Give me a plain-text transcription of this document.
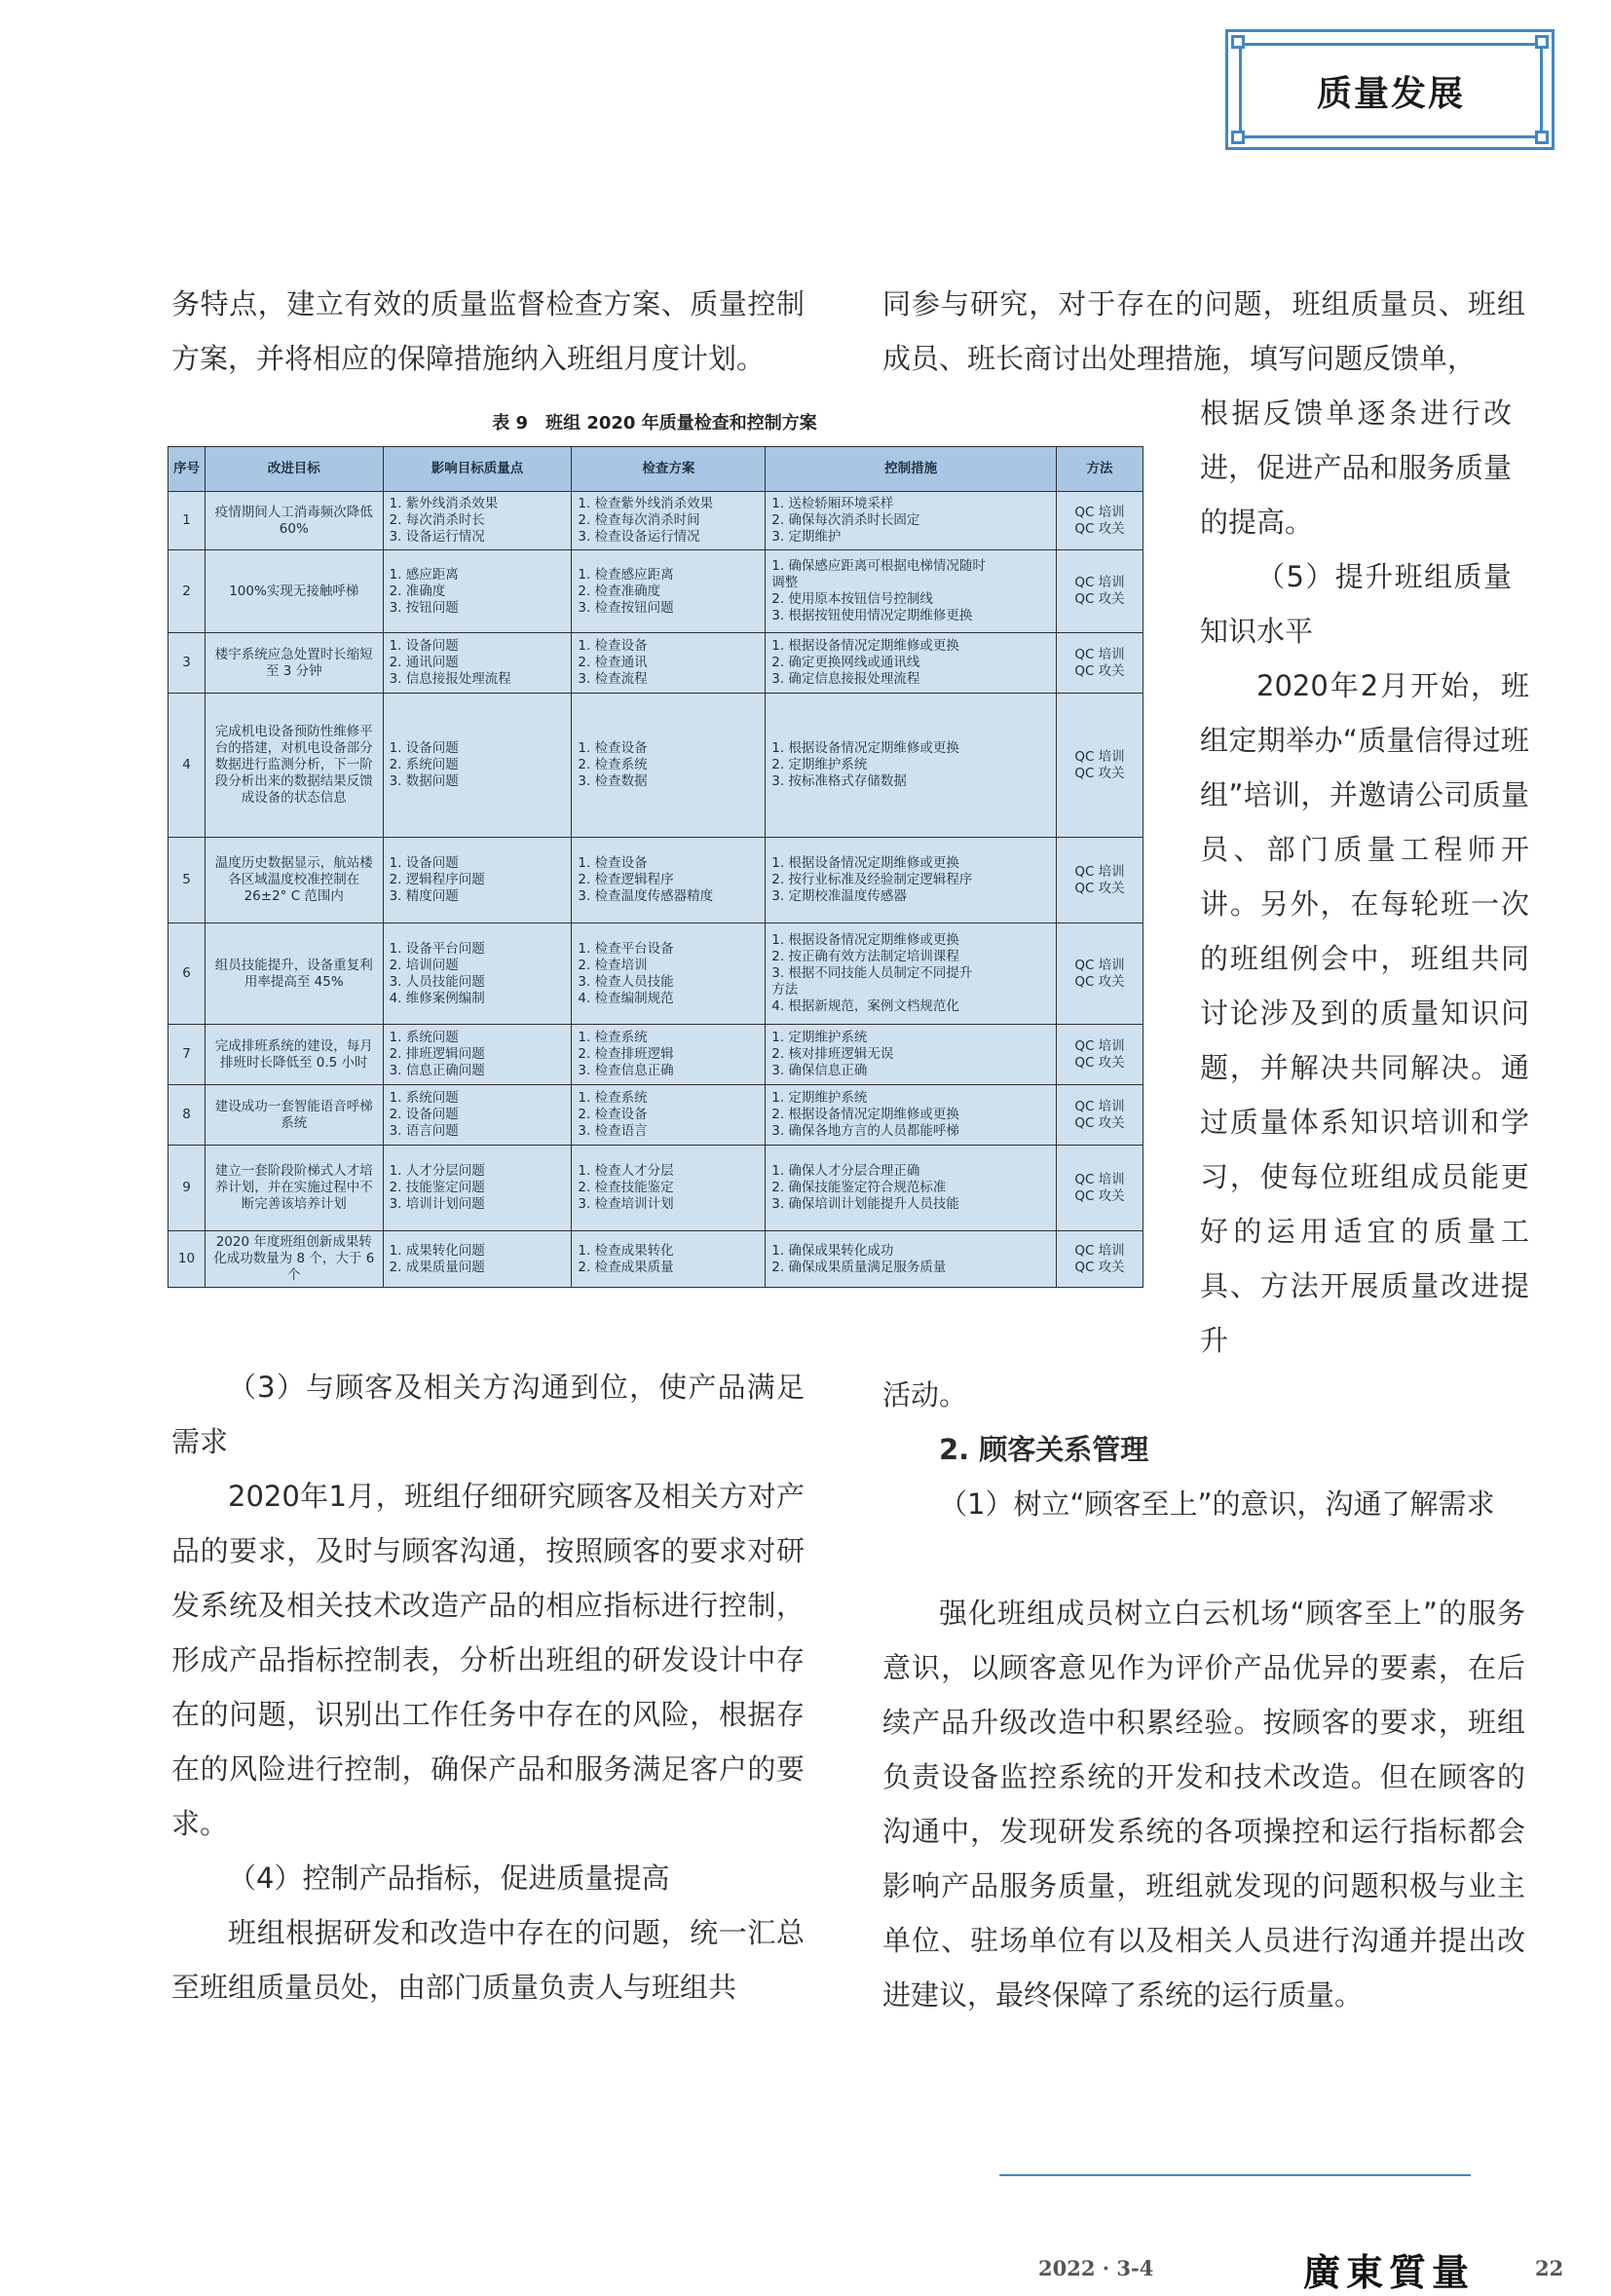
质量发展
务特点，建立有效的质量监督检查方案、质量控制方案，并将相应的保障措施纳入班组月度计划。
表 9　班组 2020 年质量检查和控制方案
序号	改进目标	影响目标质量点	检查方案	控制措施	方法
1	疫情期间人工消毒频次降低 60%	1. 紫外线消杀效果
2. 每次消杀时长
3. 设备运行情况	1. 检查紫外线消杀效果
2. 检查每次消杀时间
3. 检查设备运行情况	1. 送检轿厢环境采样
2. 确保每次消杀时长固定
3. 定期维护	QC 培训
QC 攻关

2	100%实现无接触呼梯	1. 感应距离
2. 准确度
3. 按钮问题	1. 检查感应距离
2. 检查准确度
3. 检查按钮问题	1. 确保感应距离可根据电梯情况随时
调整
2. 使用原本按钮信号控制线
3. 根据按钮使用情况定期维修更换	QC 培训
QC 攻关

3	楼宇系统应急处置时长缩短至 3 分钟	1. 设备问题
2. 通讯问题
3. 信息接报处理流程	1. 检查设备
2. 检查通讯
3. 检查流程	1. 根据设备情况定期维修或更换
2. 确定更换网线或通讯线
3. 确定信息接报处理流程	QC 培训
QC 攻关

4	完成机电设备预防性维修平台的搭建，对机电设备部分数据进行监测分析，下一阶段分析出来的数据结果反馈成设备的状态信息	1. 设备问题
2. 系统问题
3. 数据问题	1. 检查设备
2. 检查系统
3. 检查数据	1. 根据设备情况定期维修或更换
2. 定期维护系统
3. 按标准格式存储数据	QC 培训
QC 攻关

5	温度历史数据显示，航站楼各区域温度校准控制在 26±2° C 范围内	1. 设备问题
2. 逻辑程序问题
3. 精度问题	1. 检查设备
2. 检查逻辑程序
3. 检查温度传感器精度	1. 根据设备情况定期维修或更换
2. 按行业标准及经验制定逻辑程序
3. 定期校准温度传感器	QC 培训
QC 攻关

6	组员技能提升，设备重复利用率提高至 45%	1. 设备平台问题
2. 培训问题
3. 人员技能问题
4. 维修案例编制	1. 检查平台设备
2. 检查培训
3. 检查人员技能
4. 检查编制规范	1. 根据设备情况定期维修或更换
2. 按正确有效方法制定培训课程
3. 根据不同技能人员制定不同提升
方法
4. 根据新规范，案例文档规范化	QC 培训
QC 攻关

7	完成排班系统的建设，每月排班时长降低至 0.5 小时	1. 系统问题
2. 排班逻辑问题
3. 信息正确问题	1. 检查系统
2. 检查排班逻辑
3. 检查信息正确	1. 定期维护系统
2. 核对排班逻辑无误
3. 确保信息正确	QC 培训
QC 攻关

8	建设成功一套智能语音呼梯系统	1. 系统问题
2. 设备问题
3. 语言问题	1. 检查系统
2. 检查设备
3. 检查语言	1. 定期维护系统
2. 根据设备情况定期维修或更换
3. 确保各地方言的人员都能呼梯	QC 培训
QC 攻关

9	建立一套阶段阶梯式人才培养计划，并在实施过程中不断完善该培养计划	1. 人才分层问题
2. 技能鉴定问题
3. 培训计划问题	1. 检查人才分层
2. 检查技能鉴定
3. 检查培训计划	1. 确保人才分层合理正确
2. 确保技能鉴定符合规范标准
3. 确保培训计划能提升人员技能	QC 培训
QC 攻关

10	2020 年度班组创新成果转化成功数量为 8 个，大于 6 个	1. 成果转化问题
2. 成果质量问题	1. 检查成果转化
2. 检查成果质量	1. 确保成果转化成功
2. 确保成果质量满足服务质量	QC 培训
QC 攻关
（3）与顾客及相关方沟通到位，使产品满足需求
2020年1月，班组仔细研究顾客及相关方对产品的要求，及时与顾客沟通，按照顾客的要求对研发系统及相关技术改造产品的相应指标进行控制，形成产品指标控制表，分析出班组的研发设计中存在的问题，识别出工作任务中存在的风险，根据存在的风险进行控制，确保产品和服务满足客户的要求。
（4）控制产品指标，促进质量提高
班组根据研发和改造中存在的问题，统一汇总至班组质量员处，由部门质量负责人与班组共
同参与研究，对于存在的问题，班组质量员、班组成员、班长商讨出处理措施，填写问题反馈单，
根据反馈单逐条进行改进，促进产品和服务质量的提高。
（5）提升班组质量知识水平
2020年2月开始，班组定期举办“质量信得过班组”培训，并邀请公司质量员、部门质量工程师开讲。另外，在每轮班一次的班组例会中，班组共同讨论涉及到的质量知识问题，并解决共同解决。通过质量体系知识培训和学习，使每位班组成员能更好的运用适宜的质量工具、方法开展质量改进提升
活动。
2. 顾客关系管理
（1）树立“顾客至上”的意识，沟通了解需求
强化班组成员树立白云机场“顾客至上”的服务意识，以顾客意见作为评价产品优异的要素，在后续产品升级改造中积累经验。按顾客的要求，班组负责设备监控系统的开发和技术改造。但在顾客的沟通中，发现研发系统的各项操控和运行指标都会影响产品服务质量，班组就发现的问题积极与业主单位、驻场单位有以及相关人员进行沟通并提出改进建议，最终保障了系统的运行质量。
2022 · 3-4	廣東質量	22
